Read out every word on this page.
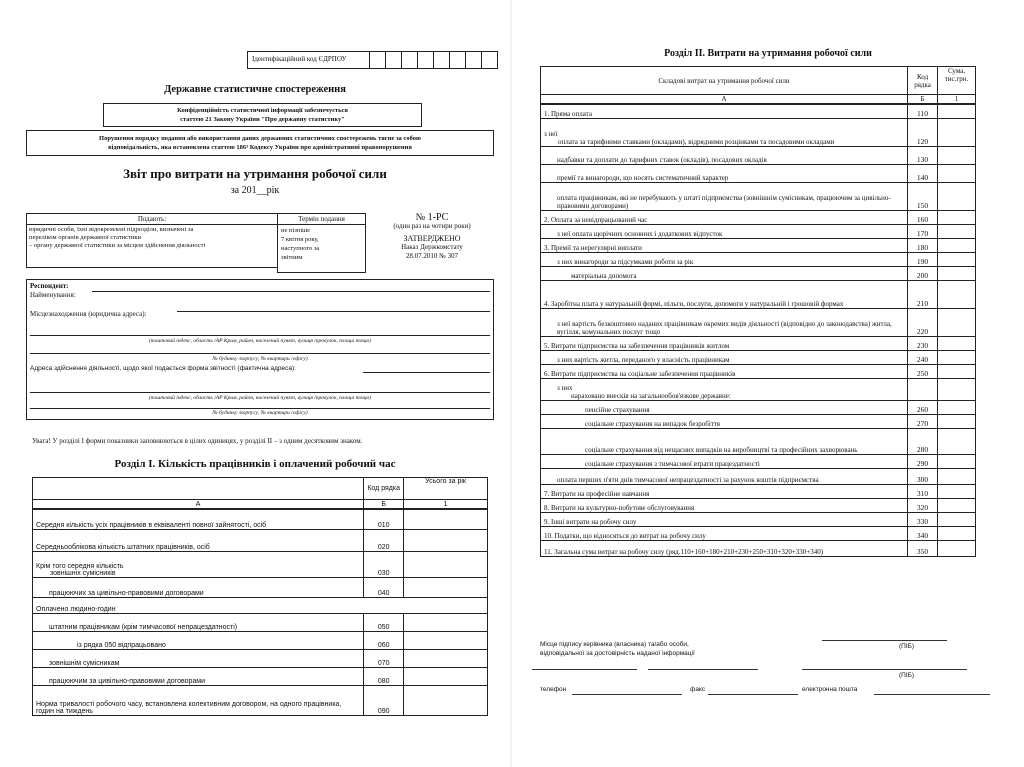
Ідентифікаційний код ЄДРПОУ
Державне статистичне спостереження
Конфіденційність статистичної інформації забезпечується
статтею 21 Закону України "Про державну статистику"
Порушення порядку подання або використання даних державних статистичних спостережень тягне за собою
відповідальність, яка встановлена статтею 186³ Кодексу України про адміністративні правопорушення
Звіт про витрати на утримання робочої сили
за 201__рік
Подають:
юридичні особи, їхні відокремлені підрозділи, визначені за
переліком органів державної статистики
– органу державної статистики за місцем здійснення діяльності
Термін подання
не пізніше
7 квітня року,
наступного за
звітним
№ 1-РС
(один раз на чотири роки)
ЗАТВЕРДЖЕНО
Наказ Держкомстату
28.07.2010 № 307
Респондент:
Найменування:
Місцезнаходження (юридична адреса):
(поштовий індекс, область /АР Крим, район, населений пункт, вулиця /провулок, площа тощо)
№ будинку /корпусу, № квартири /офісу)
Адреса здійснення діяльності, щодо якої подається форма звітності (фактична адреса):
(поштовий індекс, область /АР Крим, район, населений пункт, вулиця /провулок, площа тощо)
№ будинку /корпусу, № квартири /офісу)
Увага! У розділі І форми показники заповнюються в цілих одиницях, у розділі ІІ – з одним десятковим знаком.
Розділ І. Кількість працівників і оплачений робочий час
	Код рядка	Усього за рік
А	Б	1
Середня кількість усіх працівників в еквіваленті повної зайнятості, осіб	010	
Середньооблікова кількість штатних працівників, осіб	020	

Крім того середня кількість
зовнішніх сумісників	030	
працюючих за цивільно-правовими договорами	040	
Оплачено людино-годин		
штатним працівникам (крім тимчасової непрацездатності)	050	
із рядка 050 відпрацьовано	060	
зовнішнім сумісникам	070	
працюючим за цивільно-правовими договорами	080	
Норма тривалості робочого часу, встановлена колективним договором, на одного працівника, годин на тиждень	090	
Розділ ІІ. Витрати на утримання робочої сили
Складові витрат на утримання робочої сили	Код рядка	Сума, тис.грн.
А	Б	1
1. Пряма оплата	110	

з неї
оплата за тарифними ставками (окладами), відрядними розцінками та посадовими окладами	120	
надбавки та доплати до тарифних ставок (окладів), посадових окладів	130	
премії та винагороди, що носять систематичний характер	140	
оплата працівникам, які не перебувають у штаті підприємства (зовнішнім сумісникам, працюючим за цивільно-правовими договорами)	150	
2. Оплата за невідпрацьований час	160	
з неї оплата щорічних основних і додаткових відпусток	170	
3. Премії та нерегулярні виплати	180	
з них винагороди за підсумками роботи за рік	190	
матеріальна допомога	200	
4. Заробітна плата у натуральній формі, пільги, послуги, допомоги у натуральній і грошовій формах	210	
з неї вартість безкоштовно наданих працівникам окремих видів діяльності (відповідно до законодавства) житла, вугілля, комунальних послуг тощо	220	
5. Витрати підприємства на забезпечення працівників житлом	230	
з них вартість житла, переданого у власність працівникам	240	
6. Витрати підприємства на соціальне забезпечення працівників	250	

з них
нараховано внесків на загальнообов'язкове державне:		

пенсійне страхування	260	
соціальне страхування на випадок безробіття	270	
соціальне страхування від нещасних випадків на виробництві та професійних захворювань	280	
соціальне страхування з тимчасової втрати працездатності	290	
оплата перших п'яти днів тимчасової непрацездатності за рахунок коштів підприємства	300	
7. Витрати на професійне навчання	310	
8. Витрати на культурно-побутове обслуговування	320	
9. Інші витрати на робочу силу	330	
10. Податки, що відносяться до витрат на робочу силу	340	
11. Загальна сума витрат на робочу силу (ряд.110+160+180+210+230+250+310+320+330+340)	350	
Місце підпису керівника (власника) та/або особи,
відповідальної за достовірність наданої інформації
(ПІБ)
(ПІБ)
телефон	факс	електронна пошта
